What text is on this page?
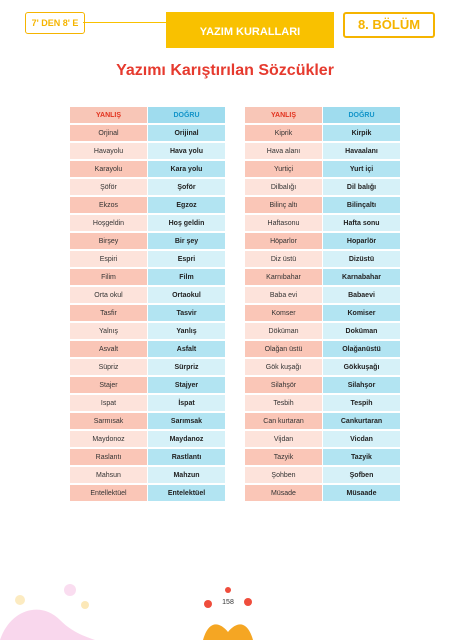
7' DEN 8' E
YAZIM KURALLARI	8. BÖLÜM
Yazımı Karıştırılan Sözcükler
YANLIŞ	DOĞRU
Orjinal	Orijinal
Havayolu	Hava yolu
Karayolu	Kara yolu
Şöför	Şoför
Ekzos	Egzoz
Hoşgeldin	Hoş geldin
Birşey	Bir şey
Espiri	Espri
Filim	Film
Orta okul	Ortaokul
Tasfir	Tasvir
Yalnış	Yanlış
Asvalt	Asfalt
Süpriz	Sürpriz
Stajer	Stajyer
Ispat	İspat
Sarmısak	Sarımsak
Maydonoz	Maydanoz
Raslantı	Rastlantı
Mahsun	Mahzun
Entellektüel	Entelektüel
YANLIŞ	DOĞRU
Kiprik	Kirpik
Hava alanı	Havaalanı
Yurtiçi	Yurt içi
Dilbalığı	Dil balığı
Bilinç altı	Bilinçaltı
Haftasonu	Hafta sonu
Höparlor	Hoparlör
Diz üstü	Dizüstü
Karnıbahar	Karnabahar
Baba evi	Babaevi
Komser	Komiser
Döküman	Doküman
Olağan üstü	Olağanüstü
Gök kuşağı	Gökkuşağı
Silahşör	Silahşor
Tesbih	Tespih
Can kurtaran	Cankurtaran
Vijdan	Vicdan
Tazyik	Tazyik
Şohben	Şofben
Müsade	Müsaade
158
